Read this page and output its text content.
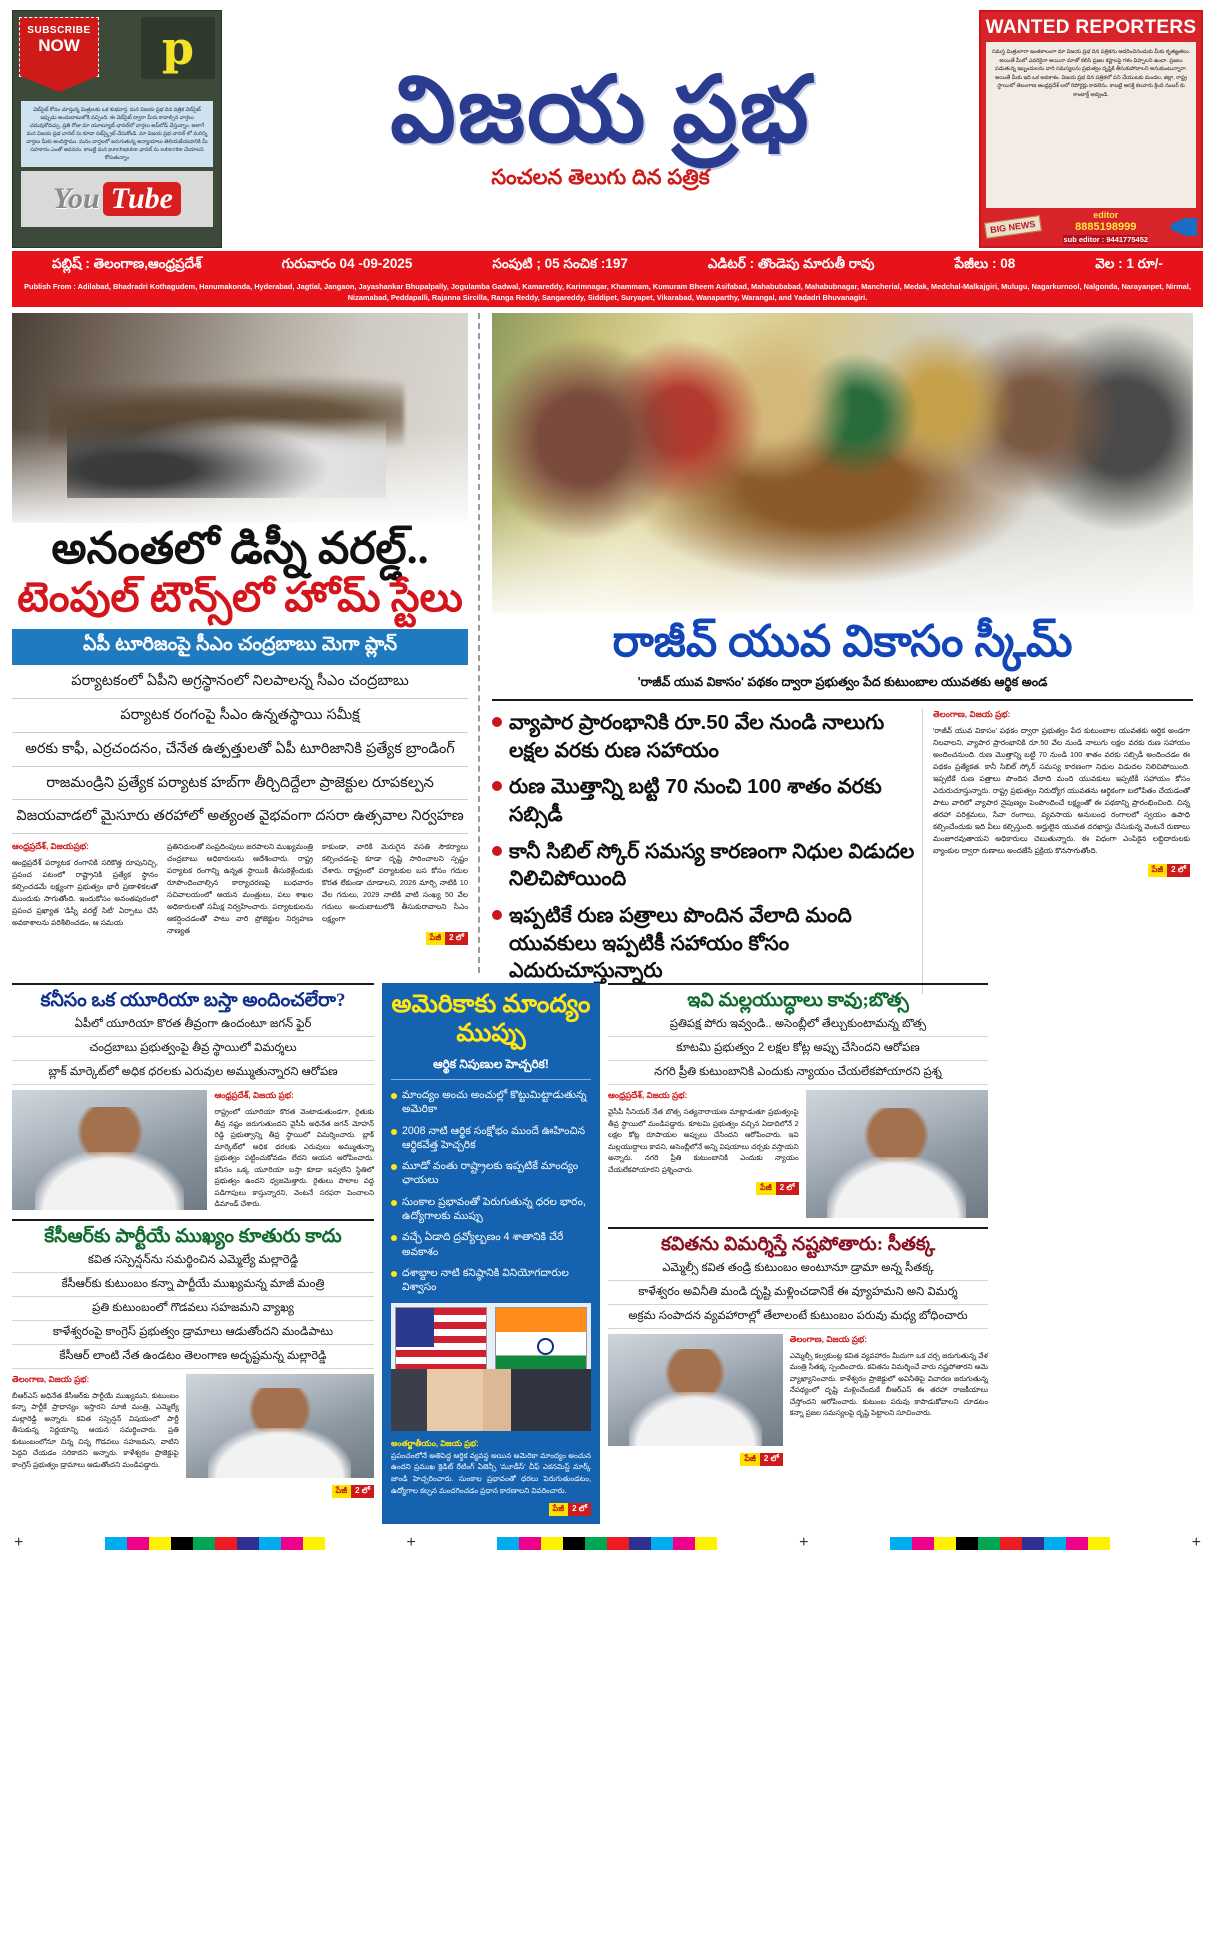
SUBSCRIBE
NOW	p
వెబ్‌సైట్ కోసం చూస్తున్న మిత్రులకు ఒక శుభవార్త. మన విజయ ప్రభ దిన పత్రిక వెబ్‌సైట్ ఇప్పుడు అందుబాటులోకి వచ్చింది. ఈ వెబ్‌సైట్ ద్వారా మీరు కావాల్సిన వార్తలు చదువుకోవచ్చు. ప్రతి రోజు మా యూట్యూబ్ ఛానల్‌లో వార్తలు అప్‌లోడ్ చేస్తున్నాం. అలాగే మన విజయ ప్రభ చానల్ ను కూడా సబ్‌స్క్రైబ్ చేసుకోండి. మా విజయ ప్రభ చానల్ లో మరిన్ని వార్తలు మీకు అందిస్తాము. మనం వార్తలలో జరుగుతున్న అన్యాయాలు తెలియజేయడానికి మీ సహకారం ఎంతో అవసరం. కాబట్టి మన punchupulse ఛానల్ ను subscribe చేయాలని కోరుతున్నాం
You Tube
విజయ ప్రభ
సంచలన తెలుగు దిన పత్రిక
WANTED REPORTERS
సమస్త మిత్రులారా ఇంతకాలంగా మా విజయ ప్రభ దిన పత్రికను ఆదరించినందుకు మీకు కృతజ్ఞతలు. అయితే మీలో ఎవరికైనా అయినా మాతో కలిసి ప్రజల కష్టాలపై గళం విప్పాలని ఉందా. ప్రజలు పడుతున్న ఇబ్బందులను వారి సమస్యలను ప్రభుత్వం దృష్టికి తీసుకుపోవాలని అనుకుంటున్నారా. అయితే మీకు ఇది ఒక అవకాశం. విజయ ప్రభ దిన పత్రికలో పని చేయుటకు మండల, జిల్లా, రాష్ట్ర స్థాయిలో తెలంగాణ ఆంధ్రప్రదేశ్ లలో రిపోర్టర్లు కావలెను. కాబట్టి ఆసక్తి కలవారు క్రింది నంబర్ కు కాంటాక్ట్ అవ్వండి.
BIG NEWS
editor
8885198999
sub editor : 9441775452
పబ్లిష్ : తెలంగాణ,ఆంధ్రప్రదేశ్	గురువారం 04 -09-2025	సంపుటి ; 05 సంచిక :197	ఎడిటర్ : తొండెపు మారుతీ రావు	పేజీలు : 08	వెల : 1 రూ/-
Publish From : Adilabad, Bhadradri Kothagudem, Hanumakonda, Hyderabad, Jagtial, Jangaon, Jayashankar Bhupalpally, Jogulamba Gadwal, Kamareddy, Karimnagar, Khammam, Kumuram Bheem Asifabad, Mahabubabad, Mahabubnagar, Mancherial, Medak, Medchal-Malkajgiri, Mulugu, Nagarkurnool, Nalgonda, Narayanpet, Nirmal, Nizamabad, Peddapalli, Rajanna Sircilla, Ranga Reddy, Sangareddy, Siddipet, Suryapet, Vikarabad, Wanaparthy, Warangal, and Yadadri Bhuvanagiri.
అనంతలో డిస్నీ వరల్డ్..
టెంపుల్ టౌన్స్‌లో హోమ్ స్టేలు
ఏపీ టూరిజంపై సీఎం చంద్రబాబు మెగా ప్లాన్
పర్యాటకంలో ఏపీని అగ్రస్థానంలో నిలపాలన్న సీఎం చంద్రబాబు
పర్యాటక రంగంపై సీఎం ఉన్నతస్థాయి సమీక్ష
అరకు కాఫీ, ఎర్రచందనం, చేనేత ఉత్పత్తులతో ఏపీ టూరిజానికి ప్రత్యేక బ్రాండింగ్
రాజమండ్రిని ప్రత్యేక పర్యాటక హబ్‌గా తీర్చిదిద్దేలా ప్రాజెక్టుల రూపకల్పన
విజయవాడలో మైసూరు తరహాలో అత్యంత వైభవంగా దసరా ఉత్సవాల నిర్వహణ
ఆంధ్రప్రదేశ్, విజయప్రభ:
ఆంధ్రప్రదేశ్ పర్యాటక రంగానికి సరికొత్త రూపునిచ్చి, ప్రపంచ పటంలో రాష్ట్రానికి ప్రత్యేక స్థానం కల్పించడమే లక్ష్యంగా ప్రభుత్వం భారీ ప్రణాళికలతో ముందుకు సాగుతోంది. ఇందుకోసం అనంతపురంలో ప్రపంచ ప్రఖ్యాత 'డిస్నీ వరల్డ్ సిటీ' ఏర్పాటు చేసే అవకాశాలను పరిశీలించడం, ఆ సమయ
ప్రతినిధులతో సంప్రదింపులు జరపాలని ముఖ్యమంత్రి చంద్రబాబు అధికారులను ఆదేశించారు. రాష్ట్ర పర్యాటక రంగాన్ని ఉన్నత స్థాయికి తీసుకెళ్లేందుకు రూపొందించాల్సిన కార్యాచరణపై బుధవారం సచివాలయంలో ఆయన మంత్రులు, పలు శాఖల అధికారులతో సమీక్ష నిర్వహించారు. పర్యాటకులను ఆకర్షించడంతో పాటు వారి ప్రోజెక్టుల నిర్వహణ నాణ్యత
కాకుండా, వారికి మెరుగైన వసతి సౌకర్యాలు కల్పించడంపై కూడా దృష్టి సారించాలని స్పష్టం చేశారు. రాష్ట్రంలో పర్యాటకుల బస కోసం గదుల కొరత లేకుండా చూడాలని, 2026 మార్చి నాటికి 10 వేల గదులు, 2029 నాటికి వాటి సంఖ్య 50 వేల గదులు అందుబాటులోకి తీసుకురావాలని సీఎం లక్ష్యంగా
పేజీ	2 లో
రాజీవ్ యువ వికాసం స్కీమ్
'రాజీవ్ యువ వికాసం' పథకం ద్వారా ప్రభుత్వం పేద కుటుంబాల యువతకు ఆర్థిక అండ
వ్యాపార ప్రారంభానికి రూ.50 వేల నుండి నాలుగు లక్షల వరకు రుణ సహాయం
రుణ మొత్తాన్ని బట్టి 70 నుంచి 100 శాతం వరకు సబ్సిడీ
కానీ సిబిల్ స్కోర్ సమస్య కారణంగా నిధుల విడుదల నిలిచిపోయింది
ఇప్పటికే రుణ పత్రాలు పొందిన వేలాది మంది యువకులు ఇప్పటికీ సహాయం కోసం ఎదురుచూస్తున్నారు
తెలంగాణ, విజయ ప్రభ:
'రాజీవ్ యువ వికాసం' పథకం ద్వారా ప్రభుత్వం పేద కుటుంబాల యువతకు ఆర్థిక అండగా నిలవాలని, వ్యాపార ప్రారంభానికి రూ.50 వేల నుండి నాలుగు లక్షల వరకు రుణ సహాయం అందించనుంది. రుణ మొత్తాన్ని బట్టి 70 నుండి 100 శాతం వరకు సబ్సిడీ అందించడం ఈ పథకం ప్రత్యేకత. కానీ సిబిల్ స్కోర్ సమస్య కారణంగా నిధుల విడుదల నిలిచిపోయింది. ఇప్పటికే రుణ పత్రాలు పొందిన వేలాది మంది యువకులు ఇప్పటికీ సహాయం కోసం ఎదురుచూస్తున్నారు. రాష్ట్ర ప్రభుత్వం నిరుద్యోగ యువతను ఆర్థికంగా బలోపేతం చేయడంతో పాటు వారిలో వ్యాపార నైపుణ్యం పెంపొందించే లక్ష్యంతో ఈ పథకాన్ని ప్రారంభించింది. చిన్న తరహా పరిశ్రమలు, సేవా రంగాలు, వ్యవసాయ అనుబంధ రంగాలలో స్వయం ఉపాధి కల్పించేందుకు ఇది వీలు కల్పిస్తుంది. అర్హులైన యువత దరఖాస్తు చేసుకున్న వెంటనే రుణాలు మంజూరవుతాయని అధికారులు చెబుతున్నారు. ఈ విధంగా ఎంపికైన లబ్ధిదారులకు బ్యాంకుల ద్వారా రుణాలు అందజేసే ప్రక్రియ కొనసాగుతోంది.
పేజీ	2 లో
కనీసం ఒక యూరియా బస్తా అందించలేరా?
ఏపీలో యూరియా కొరత తీవ్రంగా ఉందంటూ జగన్ ఫైర్
చంద్రబాబు ప్రభుత్వంపై తీవ్ర స్థాయిలో విమర్శలు
బ్లాక్ మార్కెట్‌లో అధిక ధరలకు ఎరువుల అమ్ముతున్నారని ఆరోపణ
ఆంధ్రప్రదేశ్, విజయ ప్రభ:
రాష్ట్రంలో యూరియా కొరత వెంటాడుతుండగా, రైతుకు తీవ్ర నష్టం జరుగుతుందని వైసీపీ అధినేత జగన్ మోహన్ రెడ్డి ప్రభుత్వాన్ని తీవ్ర స్థాయిలో విమర్శించారు. బ్లాక్ మార్కెట్‌లో అధిక ధరలకు ఎరువులు అమ్ముతున్నా ప్రభుత్వం పట్టించుకోవడం లేదని ఆయన ఆరోపించారు. కనీసం ఒక్క యూరియా బస్తా కూడా ఇవ్వలేని స్థితిలో ప్రభుత్వం ఉందని ధ్వజమెత్తారు. రైతులు పొలాల వద్ద పడిగాపులు కాస్తున్నారని, వెంటనే సరఫరా పెంచాలని డిమాండ్ చేశారు.
కేసీఆర్‌కు పార్టీయే ముఖ్యం కూతురు కాదు
కవిత సస్పెన్షన్‌ను సమర్థించిన ఎమ్మెల్యే మల్లారెడ్డి
కేసీఆర్‌కు కుటుంబం కన్నా పార్టీయే ముఖ్యమన్న మాజీ మంత్రి
ప్రతి కుటుంబంలో గొడవలు సహజమని వ్యాఖ్య
కాళేశ్వరంపై కాంగ్రెస్ ప్రభుత్వం డ్రామాలు ఆడుతోందని మండిపాటు
కేసీఆర్ లాంటి నేత ఉండటం తెలంగాణ అదృష్టమన్న మల్లారెడ్డి
తెలంగాణ, విజయ ప్రభ:
బీఆర్ఎస్ అధినేత కేసీఆర్‌కు పార్టీయే ముఖ్యమని, కుటుంబం కన్నా పార్టీకే ప్రాధాన్యం ఇస్తారని మాజీ మంత్రి, ఎమ్మెల్యే మల్లారెడ్డి అన్నారు. కవిత సస్పెన్షన్ విషయంలో పార్టీ తీసుకున్న నిర్ణయాన్ని ఆయన సమర్థించారు. ప్రతి కుటుంబంలోనూ చిన్న చిన్న గొడవలు సహజమని, వాటిని పెద్దవి చేయడం సరికాదని అన్నారు. కాళేశ్వరం ప్రాజెక్టుపై కాంగ్రెస్ ప్రభుత్వం డ్రామాలు ఆడుతోందని మండిపడ్డారు.
పేజీ	2 లో
అమెరికాకు మాంద్యం ముప్పు
ఆర్థిక నిపుణుల హెచ్చరిక!
మాంద్యం అంచు అంచుల్లో కొట్టుమిట్టాడుతున్న అమెరికా
2008 నాటి ఆర్థిక సంక్షోభం ముందే ఊహించిన ఆర్థికవేత్త హెచ్చరిక
మూడో వంతు రాష్ట్రాలకు ఇప్పటికే మాంద్యం ఛాయలు
సుంకాల ప్రభావంతో పెరుగుతున్న ధరల భారం, ఉద్యోగాలకు ముప్పు
వచ్చే ఏడాది ద్రవ్యోల్బణం 4 శాతానికి చేరే అవకాశం
దశాబ్దాల నాటి కనిష్ఠానికి వినియోగదారుల విశ్వాసం
అంతర్జాతీయం, విజయ ప్రభ:
ప్రపంచంలోనే అతిపెద్ద ఆర్థిక వ్యవస్థ అయిన అమెరికా మాంద్యం అంచున ఉందని ప్రముఖ క్రెడిట్ రేటింగ్ ఏజెన్సీ 'మూడీస్' చీఫ్ ఎకనమిస్ట్ మార్క్ జాండి హెచ్చరించారు. సుంకాల ప్రభావంతో ధరలు పెరుగుతుండటం, ఉద్యోగాల కల్పన మందగించడం ప్రధాన కారణాలని వివరించారు.
పేజీ	2 లో
ఇవి మల్లయుద్ధాలు కావు;బొత్స
ప్రతిపక్ష పోరు ఇవ్వండి.. అసెంబ్లీలో తేల్చుకుంటామన్న బొత్స
కూటమి ప్రభుత్వం 2 లక్షల కోట్ల అప్పు చేసిందని ఆరోపణ
నగరి ప్రీతి కుటుంబానికి ఎందుకు న్యాయం చేయలేకపోయారని ప్రశ్న
ఆంధ్రప్రదేశ్, విజయ ప్రభ:
వైసీపీ సీనియర్ నేత బొత్స సత్యనారాయణ మాట్లాడుతూ ప్రభుత్వంపై తీవ్ర స్థాయిలో మండిపడ్డారు. కూటమి ప్రభుత్వం వచ్చిన ఏడాదిలోనే 2 లక్షల కోట్ల రూపాయల అప్పులు చేసిందని ఆరోపించారు. ఇవి మల్లయుద్ధాలు కావని, అసెంబ్లీలోనే అన్ని విషయాలు చర్చకు వస్తాయని అన్నారు. నగరి ప్రీతి కుటుంబానికి ఎందుకు న్యాయం చేయలేకపోయారని ప్రశ్నించారు.
పేజీ	2 లో
కవితను విమర్శిస్తే నష్టపోతారు: సీతక్క
ఎమ్మెల్సీ కవిత తండ్రి కుటుంబం అంటూనూ డ్రామా అన్న సీతక్క
కాళేశ్వరం అవినీతి మండి దృష్టి మళ్లించడానికే ఈ వ్యూహమని అని విమర్శ
అక్రమ సంపాదన వ్యవహారాల్లో తేలాలంటే కుటుంబం పరువు మధ్య బోధించారు
పేజీ	2 లో
తెలంగాణ, విజయ ప్రభ:
ఎమ్మెల్సీ కల్వకుంట్ల కవిత వ్యవహారం మీదుగా ఒక చర్చ జరుగుతున్న వేళ మంత్రి సీతక్క స్పందించారు. కవితను విమర్శించే వారు నష్టపోతారని ఆమె వ్యాఖ్యానించారు. కాళేశ్వరం ప్రాజెక్టులో అవినీతిపై విచారణ జరుగుతున్న నేపథ్యంలో దృష్టి మళ్లించేందుకే బీఆర్ఎస్ ఈ తరహా రాజకీయాలు చేస్తోందని ఆరోపించారు. కుటుంబ పరువు కాపాడుకోవాలని చూడటం కన్నా ప్రజల సమస్యలపై దృష్టి పెట్టాలని సూచించారు.
+	+	+	+
